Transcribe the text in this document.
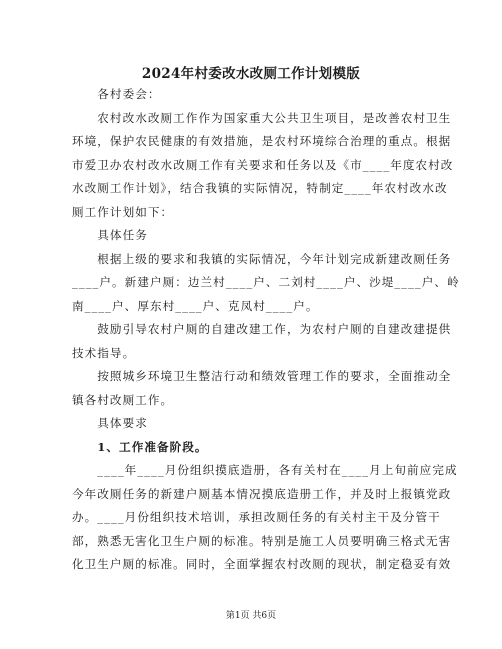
2024年村委改水改厕工作计划模版
　　各村委会：
　　农村改水改厕工作作为国家重大公共卫生项目，是改善农村卫生
环境，保护农民健康的有效措施，是农村环境综合治理的重点。根据
市爱卫办农村改水改厕工作有关要求和任务以及《市____年度农村改
水改厕工作计划》，结合我镇的实际情况，特制定____年农村改水改
厕工作计划如下：
　　具体任务
　　根据上级的要求和我镇的实际情况，今年计划完成新建改厕任务
____户。新建户厕：边兰村____户、二刘村____户、沙堤____户、岭
南____户、厚东村____户、克凤村____户。
　　鼓励引导农村户厕的自建改建工作，为农村户厕的自建改建提供
技术指导。
　　按照城乡环境卫生整洁行动和绩效管理工作的要求，全面推动全
镇各村改厕工作。
　　具体要求
　　1、工作准备阶段。
　　____年____月份组织摸底造册，各有关村在____月上旬前应完成
今年改厕任务的新建户厕基本情况摸底造册工作，并及时上报镇党政
办。____月份组织技术培训，承担改厕任务的有关村主干及分管干
部，熟悉无害化卫生户厕的标准。特别是施工人员要明确三格式无害
化卫生户厕的标准。同时，全面掌握农村改厕的现状，制定稳妥有效
第1页 共6页
